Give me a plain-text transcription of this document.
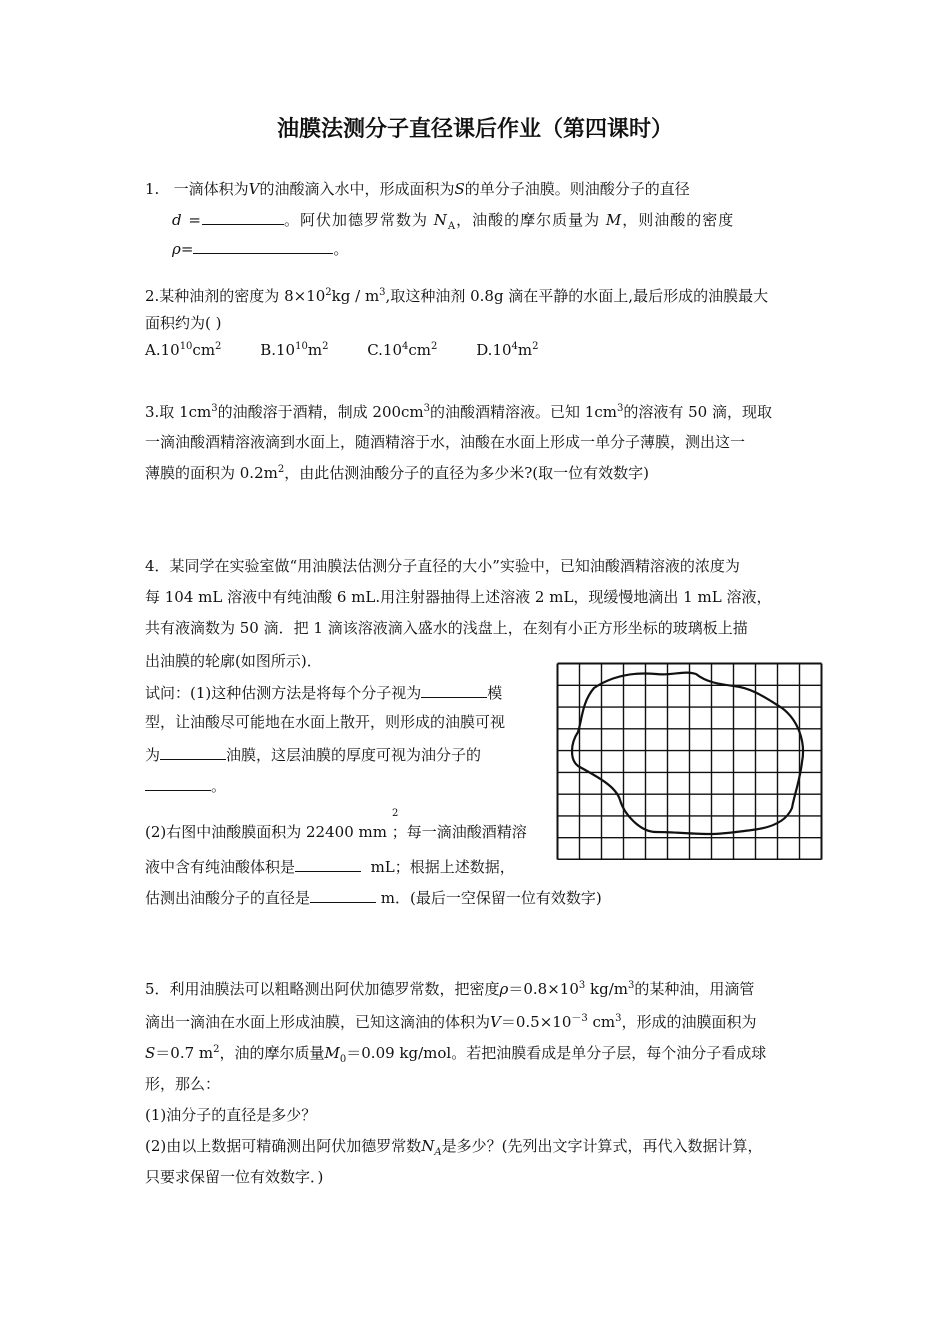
油膜法测分子直径课后作业（第四课时）
1. 一滴体积为V的油酸滴入水中，形成面积为S的单分子油膜。则油酸分子的直径
d =	。阿伏加德罗常数为 $N_A$，油酸的摩尔质量为 M，则油酸的密度
ρ=	。
2.某种油剂的密度为 $8\times 10^2kg / m^3$,取这种油剂 0.8g 滴在平静的水面上,最后形成的油膜最大
面积约为( )
$A.10^{10}cm^2$	$B.10^{10}m^2$	$C.10^4cm^2$	$D.10^4m^2$
3.取 $1cm^3$的油酸溶于酒精，制成 $200cm^3$的油酸酒精溶液。已知 $1cm^3$的溶液有 50 滴，现取
一滴油酸酒精溶液滴到水面上，随酒精溶于水，油酸在水面上形成一单分子薄膜，测出这一
薄膜的面积为 $0.2m^2$，由此估测油酸分子的直径为多少米?(取一位有效数字)
4．某同学在实验室做“用油膜法估测分子直径的大小”实验中，已知油酸酒精溶液的浓度为
每 104 mL 溶液中有纯油酸 6 mL.用注射器抽得上述溶液 2 mL，现缓慢地滴出 1 mL 溶液，
共有液滴数为 50 滴．把 1 滴该溶液滴入盛水的浅盘上，在刻有小正方形坐标的玻璃板上描
出油膜的轮廓(如图所示)．
试问：(1)这种估测方法是将每个分子视为	模
型，让油酸尽可能地在水面上散开，则形成的油膜可视
为	油膜，这层油膜的厚度可视为油分子的
。
(2)右图中油酸膜面积为 22400 mm ；每一滴油酸酒精溶
2
液中含有纯油酸体积是	mL；根据上述数据，
估测出油酸分子的直径是	m．(最后一空保留一位有效数字)
5．利用油膜法可以粗略测出阿伏加德罗常数，把密度$\rho=0.8\times 10^3$ $kg/m^3$的某种油，用滴管
滴出一滴油在水面上形成油膜，已知这滴油的体积为$V=0.5\times 10^{-3}$ $cm^3$，形成的油膜面积为
S＝0.7 $m^2$，油的摩尔质量$M_0=0.09$ kg/mol。若把油膜看成是单分子层，每个油分子看成球
形，那么：
(1)油分子的直径是多少？
(2)由以上数据可精确测出阿伏加德罗常数$N_A$是多少？(先列出文字计算式，再代入数据计算，
只要求保留一位有效数字．)
